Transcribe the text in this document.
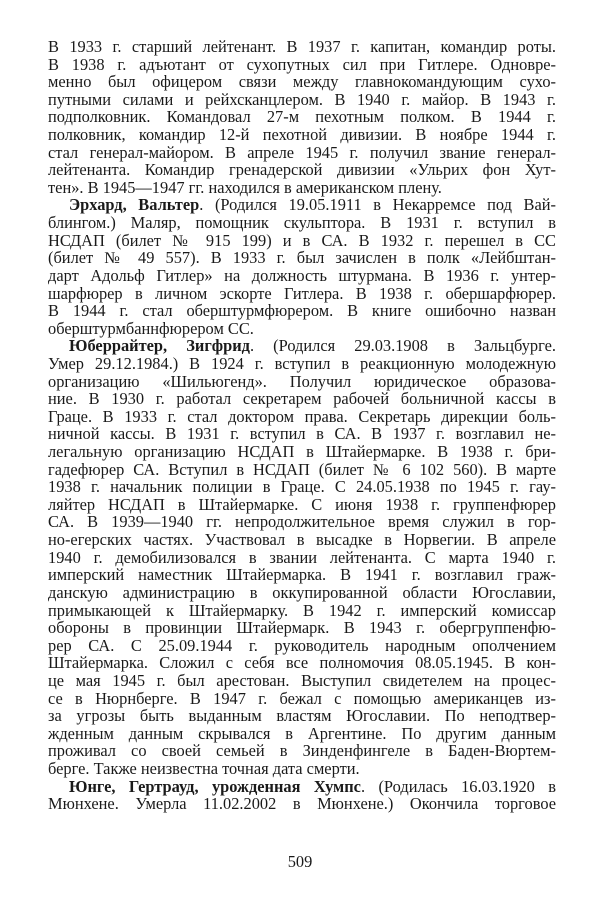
В 1933 г. старший лейтенант. В 1937 г. капитан, командир роты.
В 1938 г. адъютант от сухопутных сил при Гитлере. Одновре-
менно был офицером связи между главнокомандующим сухо-
путными силами и рейхсканцлером. В 1940 г. майор. В 1943 г.
подполковник. Командовал 27-м пехотным полком. В 1944 г.
полковник, командир 12-й пехотной дивизии. В ноябре 1944 г.
стал генерал-майором. В апреле 1945 г. получил звание генерал-
лейтенанта. Командир гренадерской дивизии «Ульрих фон Хут-
тен». В 1945—1947 гг. находился в американском плену.
Эрхард, Вальтер. (Родился 19.05.1911 в Некарремсе под Вай-
блингом.) Маляр, помощник скульптора. В 1931 г. вступил в
НСДАП (билет № 915 199) и в СА. В 1932 г. перешел в СС
(билет № 49 557). В 1933 г. был зачислен в полк «Лейбштан-
дарт Адольф Гитлер» на должность штурмана. В 1936 г. унтер-
шарфюрер в личном эскорте Гитлера. В 1938 г. обершарфюрер.
В 1944 г. стал оберштурмфюрером. В книге ошибочно назван
оберштурмбаннфюрером СС.
Юберрайтер, Зигфрид. (Родился 29.03.1908 в Зальцбурге.
Умер 29.12.1984.) В 1924 г. вступил в реакционную молодежную
организацию «Шильюгенд». Получил юридическое образова-
ние. В 1930 г. работал секретарем рабочей больничной кассы в
Граце. В 1933 г. стал доктором права. Секретарь дирекции боль-
ничной кассы. В 1931 г. вступил в СА. В 1937 г. возглавил не-
легальную организацию НСДАП в Штайермарке. В 1938 г. бри-
гадефюрер СА. Вступил в НСДАП (билет № 6 102 560). В марте
1938 г. начальник полиции в Граце. С 24.05.1938 по 1945 г. гау-
ляйтер НСДАП в Штайермарке. С июня 1938 г. группенфюрер
СА. В 1939—1940 гг. непродолжительное время служил в гор-
но-егерских частях. Участвовал в высадке в Норвегии. В апреле
1940 г. демобилизовался в звании лейтенанта. С марта 1940 г.
имперский наместник Штайермарка. В 1941 г. возглавил граж-
данскую администрацию в оккупированной области Югославии,
примыкающей к Штайермарку. В 1942 г. имперский комиссар
обороны в провинции Штайермарк. В 1943 г. обергруппенфю-
рер СА. С 25.09.1944 г. руководитель народным ополчением
Штайермарка. Сложил с себя все полномочия 08.05.1945. В кон-
це мая 1945 г. был арестован. Выступил свидетелем на процес-
се в Нюрнберге. В 1947 г. бежал с помощью американцев из-
за угрозы быть выданным властям Югославии. По неподтвер-
жденным данным скрывался в Аргентине. По другим данным
проживал со своей семьей в Зинденфингеле в Баден-Вюртем-
берге. Также неизвестна точная дата смерти.
Юнге, Гертрауд, урожденная Хумпс. (Родилась 16.03.1920 в
Мюнхене. Умерла 11.02.2002 в Мюнхене.) Окончила торговое
509
